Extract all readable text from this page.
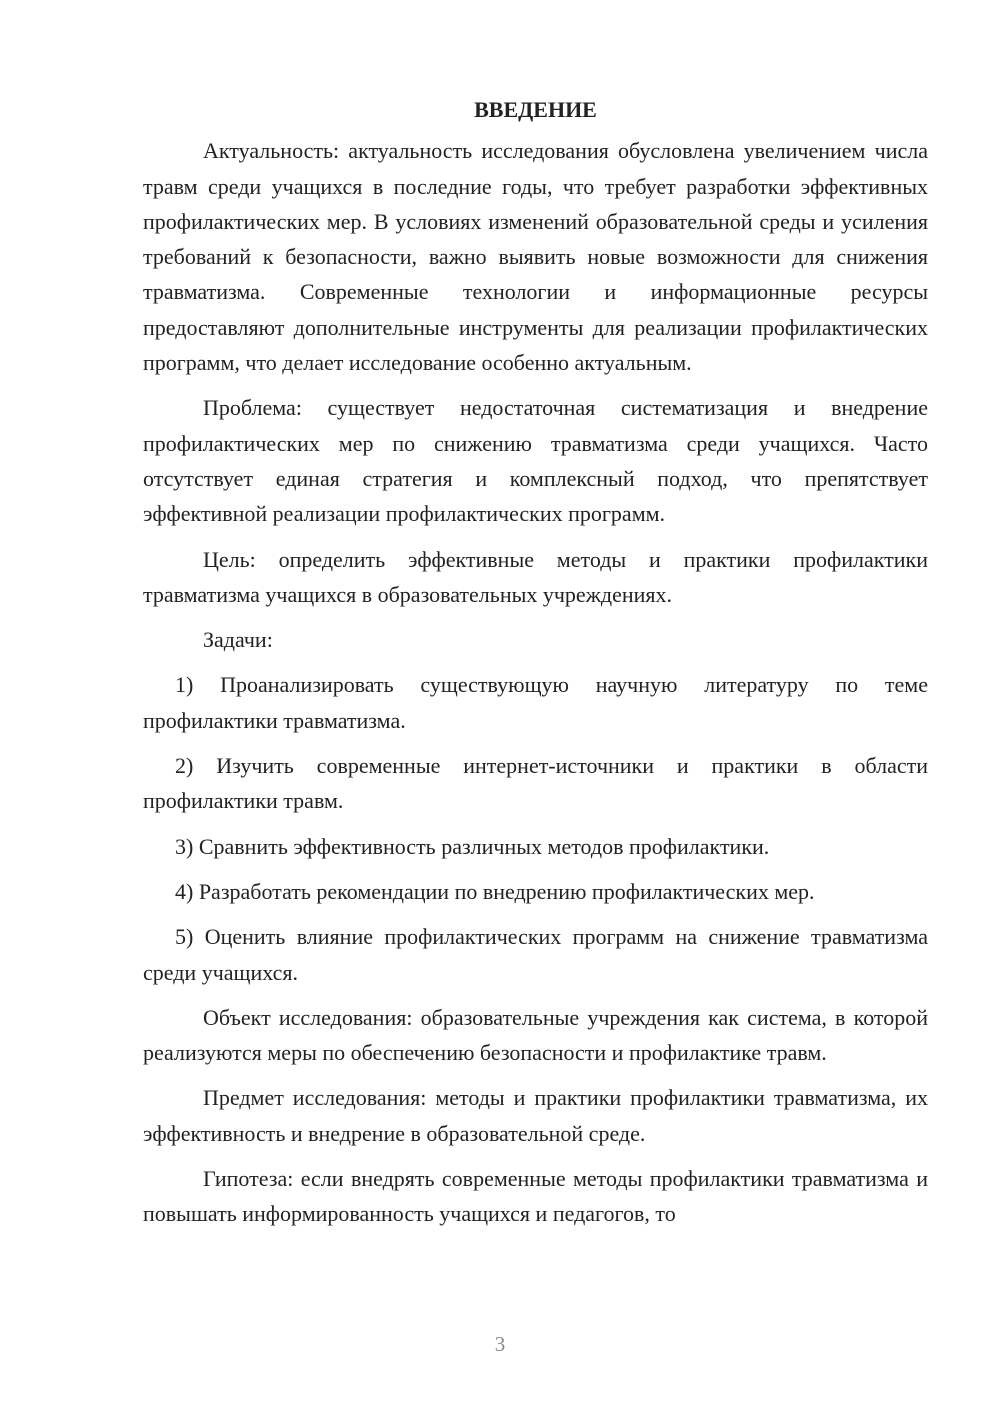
ВВЕДЕНИЕ

Актуальность: актуальность исследования обусловлена увеличением числа травм среди учащихся в последние годы, что требует разработки эффективных профилактических мер. В условиях изменений образовательной среды и усиления требований к безопасности, важно выявить новые возможности для снижения травматизма. Современные технологии и информационные ресурсы предоставляют дополнительные инструменты для реализации профилактических программ, что делает исследование особенно актуальным.

Проблема: существует недостаточная систематизация и внедрение профилактических мер по снижению травматизма среди учащихся. Часто отсутствует единая стратегия и комплексный подход, что препятствует эффективной реализации профилактических программ.

Цель: определить эффективные методы и практики профилактики травматизма учащихся в образовательных учреждениях.

Задачи:

1) Проанализировать существующую научную литературу по теме профилактики травматизма.

2) Изучить современные интернет-источники и практики в области профилактики травм.

3) Сравнить эффективность различных методов профилактики.

4) Разработать рекомендации по внедрению профилактических мер.

5) Оценить влияние профилактических программ на снижение травматизма среди учащихся.

Объект исследования: образовательные учреждения как система, в которой реализуются меры по обеспечению безопасности и профилактике травм.

Предмет исследования: методы и практики профилактики травматизма, их эффективность и внедрение в образовательной среде.

Гипотеза: если внедрять современные методы профилактики травматизма и повышать информированность учащихся и педагогов, то

3
